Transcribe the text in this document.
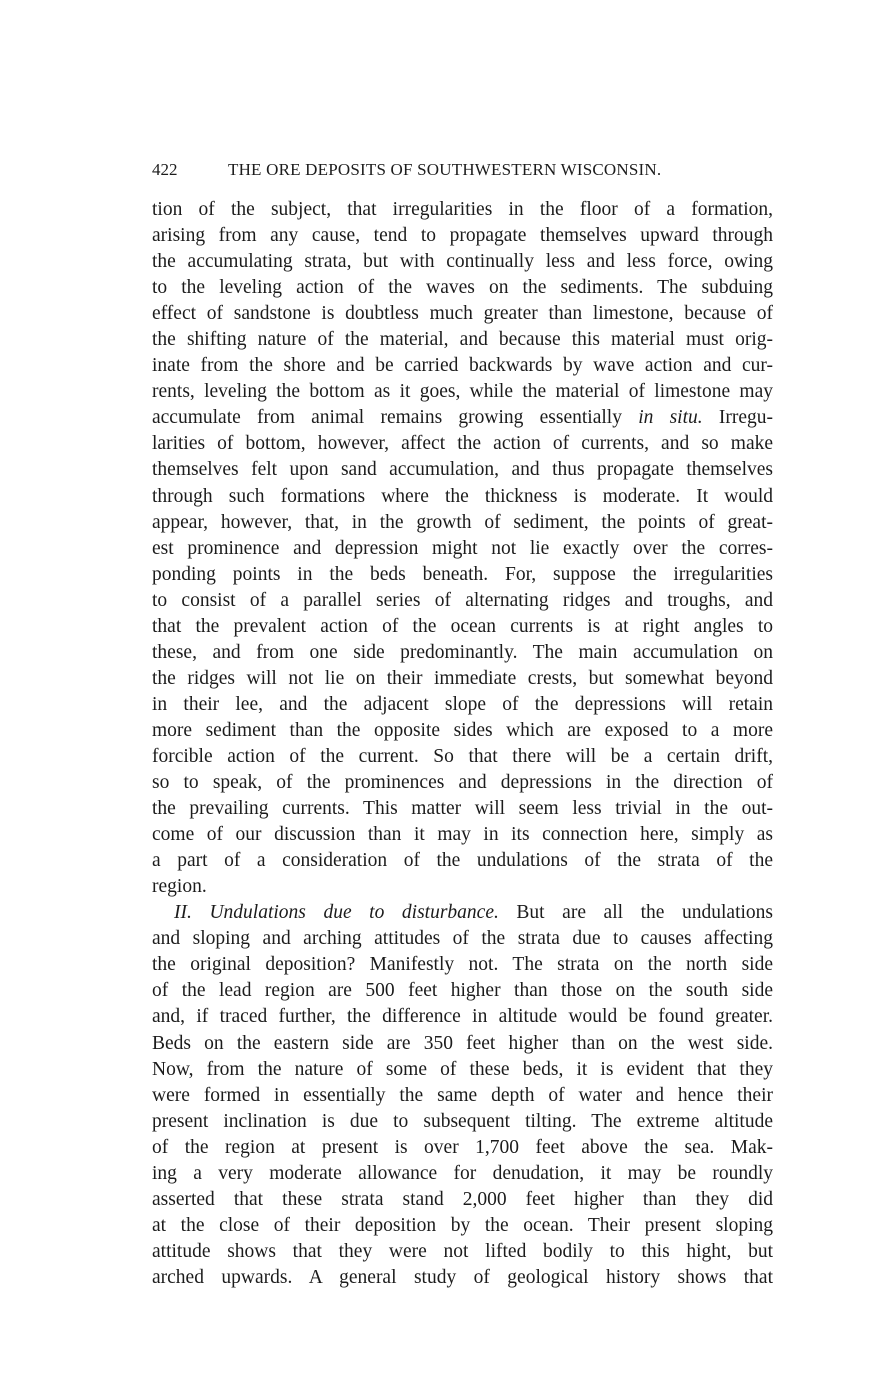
422	THE ORE DEPOSITS OF SOUTHWESTERN WISCONSIN.
tion of the subject, that irregularities in the floor of a formation,
arising from any cause, tend to propagate themselves upward through
the accumulating strata, but with continually less and less force, owing
to the leveling action of the waves on the sediments. The subduing
effect of sandstone is doubtless much greater than limestone, because of
the shifting nature of the material, and because this material must orig-
inate from the shore and be carried backwards by wave action and cur-
rents, leveling the bottom as it goes, while the material of limestone may
accumulate from animal remains growing essentially in situ. Irregu-
larities of bottom, however, affect the action of currents, and so make
themselves felt upon sand accumulation, and thus propagate themselves
through such formations where the thickness is moderate. It would
appear, however, that, in the growth of sediment, the points of great-
est prominence and depression might not lie exactly over the corres-
ponding points in the beds beneath. For, suppose the irregularities
to consist of a parallel series of alternating ridges and troughs, and
that the prevalent action of the ocean currents is at right angles to
these, and from one side predominantly. The main accumulation on
the ridges will not lie on their immediate crests, but somewhat beyond
in their lee, and the adjacent slope of the depressions will retain
more sediment than the opposite sides which are exposed to a more
forcible action of the current. So that there will be a certain drift,
so to speak, of the prominences and depressions in the direction of
the prevailing currents. This matter will seem less trivial in the out-
come of our discussion than it may in its connection here, simply as
a part of a consideration of the undulations of the strata of the
region.
II. Undulations due to disturbance. But are all the undulations
and sloping and arching attitudes of the strata due to causes affecting
the original deposition? Manifestly not. The strata on the north side
of the lead region are 500 feet higher than those on the south side
and, if traced further, the difference in altitude would be found greater.
Beds on the eastern side are 350 feet higher than on the west side.
Now, from the nature of some of these beds, it is evident that they
were formed in essentially the same depth of water and hence their
present inclination is due to subsequent tilting. The extreme altitude
of the region at present is over 1,700 feet above the sea. Mak-
ing a very moderate allowance for denudation, it may be roundly
asserted that these strata stand 2,000 feet higher than they did
at the close of their deposition by the ocean. Their present sloping
attitude shows that they were not lifted bodily to this hight, but
arched upwards. A general study of geological history shows that
